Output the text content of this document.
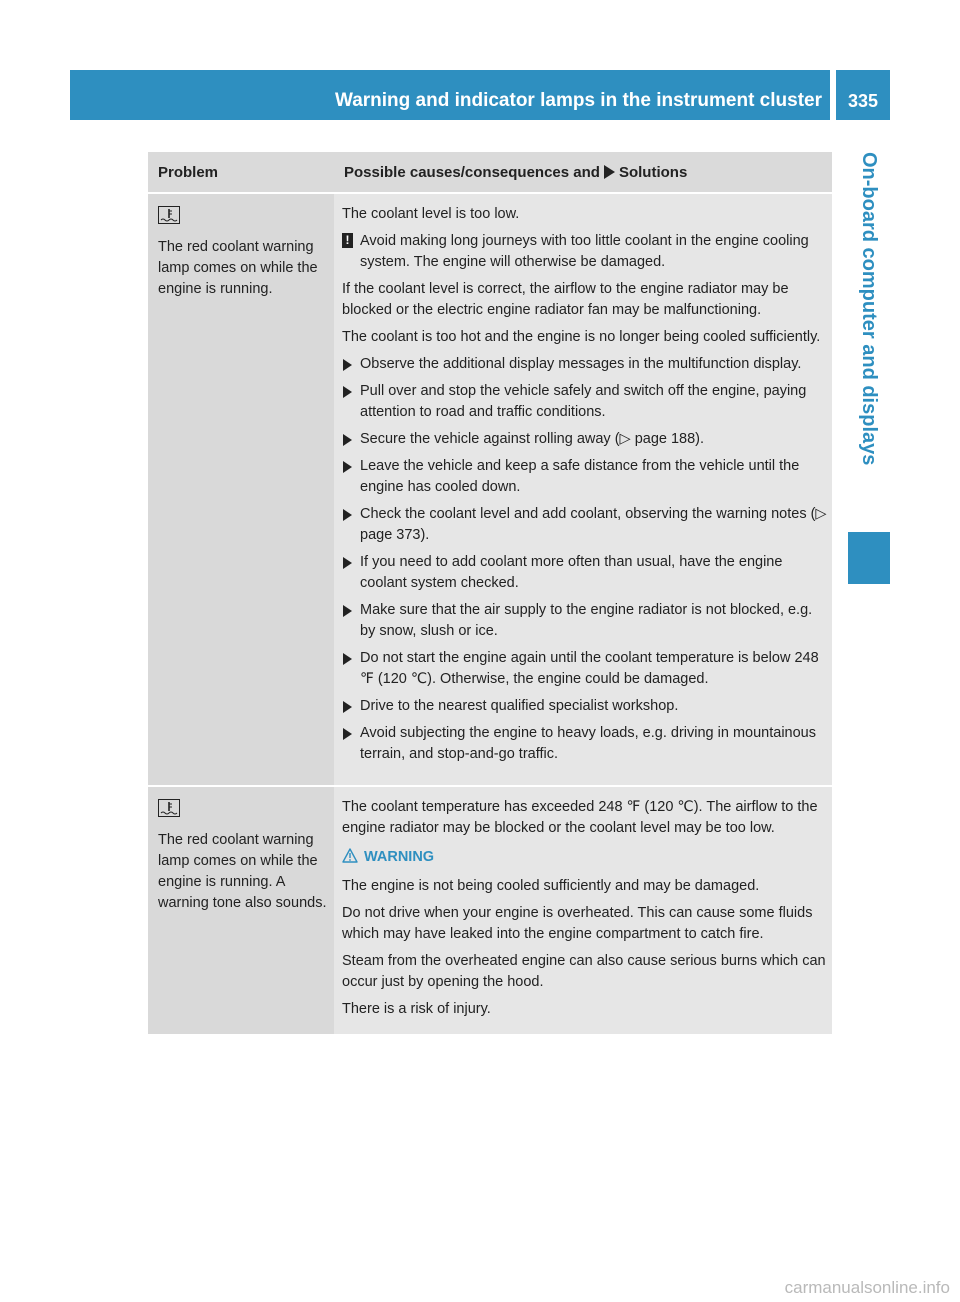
Warning and indicator lamps in the instrument cluster	335
On-board computer and displays
Problem	Possible causes/consequences and Solutions
The red coolant warning lamp comes on while the engine is running.

The coolant level is too low.

! Avoid making long journeys with too little coolant in the engine cooling system. The engine will otherwise be damaged.

If the coolant level is correct, the airflow to the engine radiator may be blocked or the electric engine radiator fan may be malfunctioning.

The coolant is too hot and the engine is no longer being cooled sufficiently.

Observe the additional display messages in the multifunction display.

Pull over and stop the vehicle safely and switch off the engine, paying attention to road and traffic conditions.

Secure the vehicle against rolling away (▷ page 188).

Leave the vehicle and keep a safe distance from the vehicle until the engine has cooled down.

Check the coolant level and add coolant, observing the warning notes (▷ page 373).

If you need to add coolant more often than usual, have the engine coolant system checked.

Make sure that the air supply to the engine radiator is not blocked, e.g. by snow, slush or ice.

Do not start the engine again until the coolant temperature is below 248 ℉ (120 ℃). Otherwise, the engine could be damaged.

Drive to the nearest qualified specialist workshop.

Avoid subjecting the engine to heavy loads, e.g. driving in mountainous terrain, and stop-and-go traffic.

The red coolant warning lamp comes on while the engine is running. A warning tone also sounds.

The coolant temperature has exceeded 248 ℉ (120 ℃). The airflow to the engine radiator may be blocked or the coolant level may be too low.

WARNING

The engine is not being cooled sufficiently and may be damaged.

Do not drive when your engine is overheated. This can cause some fluids which may have leaked into the engine compartment to catch fire.

Steam from the overheated engine can also cause serious burns which can occur just by opening the hood.

There is a risk of injury.

carmanualsonline.info
